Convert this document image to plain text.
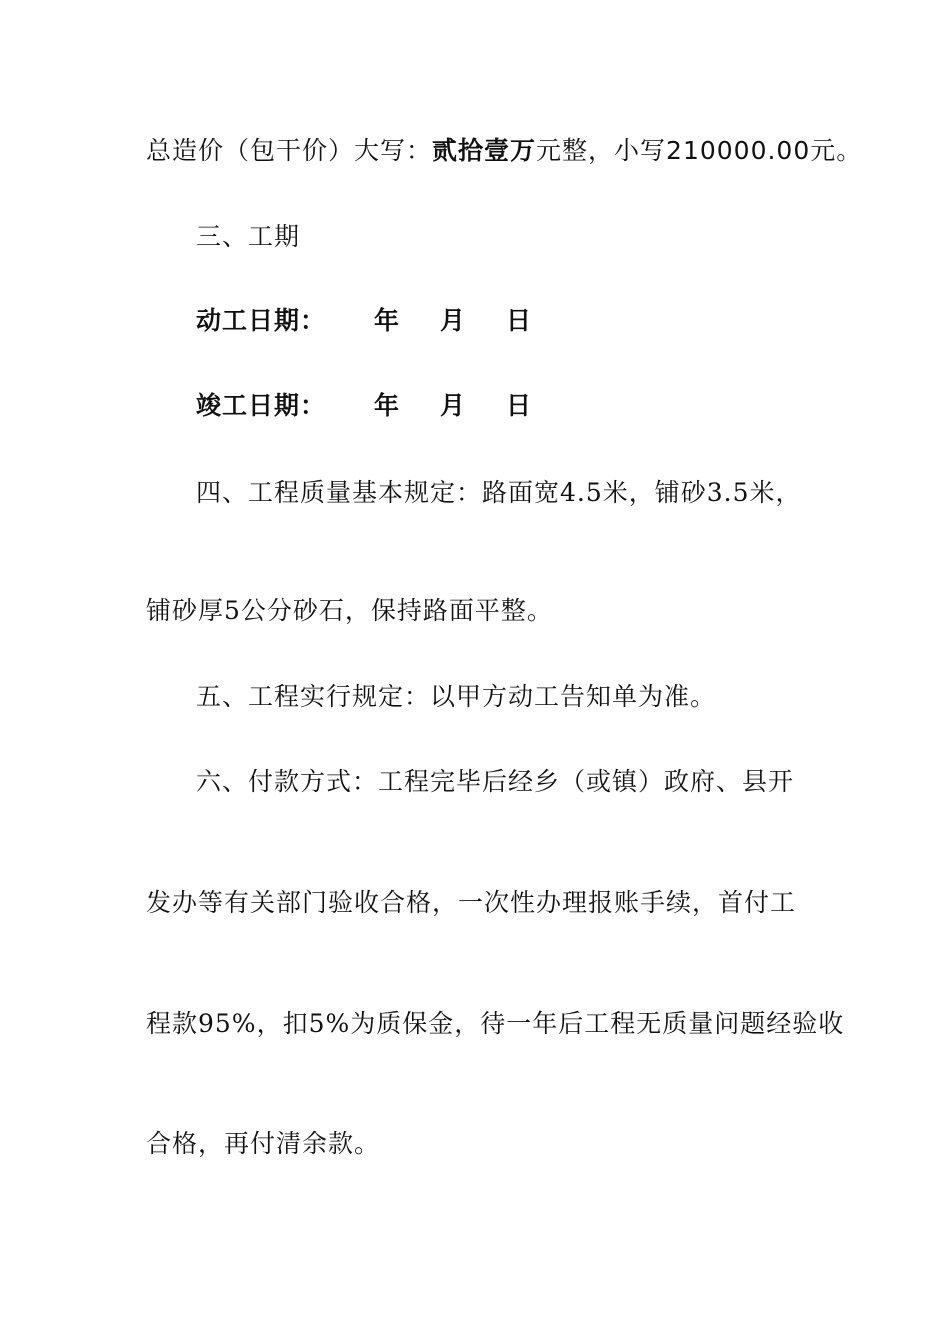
总造价（包干价）大写：贰拾壹万元整，小写210000.00元。
三、工期
动工日期： 年 月 日
竣工日期： 年 月 日
四、工程质量基本规定：路面宽4.5米，铺砂3.5米，
铺砂厚5公分砂石，保持路面平整。
五、工程实行规定：以甲方动工告知单为准。
六、付款方式：工程完毕后经乡（或镇）政府、县开
发办等有关部门验收合格，一次性办理报账手续，首付工
程款95%，扣5%为质保金，待一年后工程无质量问题经验收
合格，再付清余款。
